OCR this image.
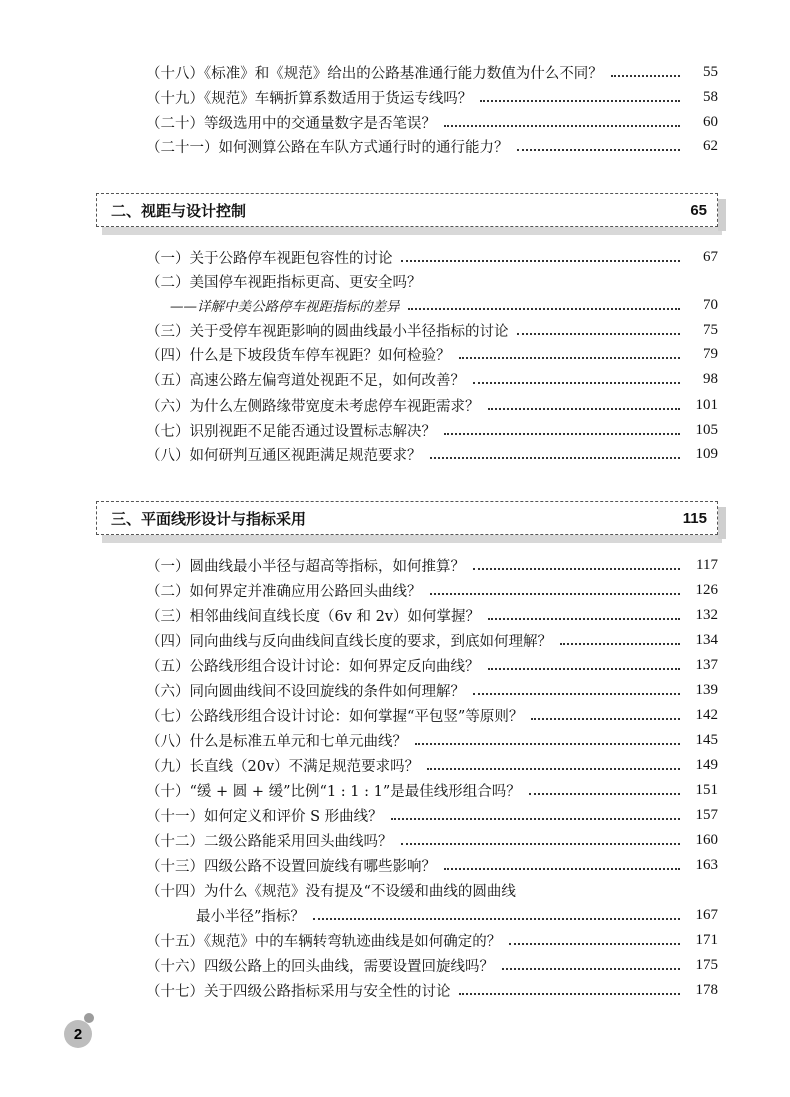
（十八）《标准》和《规范》给出的公路基准通行能力数值为什么不同？	55
（十九）《规范》车辆折算系数适用于货运专线吗？	58
（二十）等级选用中的交通量数字是否笔误？	60
（二十一）如何测算公路在车队方式通行时的通行能力？	62
二、视距与设计控制	65
（一）关于公路停车视距包容性的讨论	67
（二）美国停车视距指标更高、更安全吗？
——详解中美公路停车视距指标的差异	70
（三）关于受停车视距影响的圆曲线最小半径指标的讨论	75
（四）什么是下坡段货车停车视距？如何检验？	79
（五）高速公路左偏弯道处视距不足，如何改善？	98
（六）为什么左侧路缘带宽度未考虑停车视距需求？	101
（七）识别视距不足能否通过设置标志解决？	105
（八）如何研判互通区视距满足规范要求？	109
三、平面线形设计与指标采用	115
（一）圆曲线最小半径与超高等指标，如何推算？	117
（二）如何界定并准确应用公路回头曲线？	126
（三）相邻曲线间直线长度（6v 和 2v）如何掌握？	132
（四）同向曲线与反向曲线间直线长度的要求，到底如何理解？	134
（五）公路线形组合设计讨论：如何界定反向曲线？	137
（六）同向圆曲线间不设回旋线的条件如何理解？	139
（七）公路线形组合设计讨论：如何掌握“平包竖”等原则？	142
（八）什么是标准五单元和七单元曲线？	145
（九）长直线（20v）不满足规范要求吗？	149
（十）“缓 + 圆 + 缓”比例“1 : 1 : 1”是最佳线形组合吗？	151
（十一）如何定义和评价 S 形曲线？	157
（十二）二级公路能采用回头曲线吗？	160
（十三）四级公路不设置回旋线有哪些影响？	163
（十四）为什么《规范》没有提及“不设缓和曲线的圆曲线
最小半径”指标？	167
（十五）《规范》中的车辆转弯轨迹曲线是如何确定的？	171
（十六）四级公路上的回头曲线，需要设置回旋线吗？	175
（十七）关于四级公路指标采用与安全性的讨论	178
2
